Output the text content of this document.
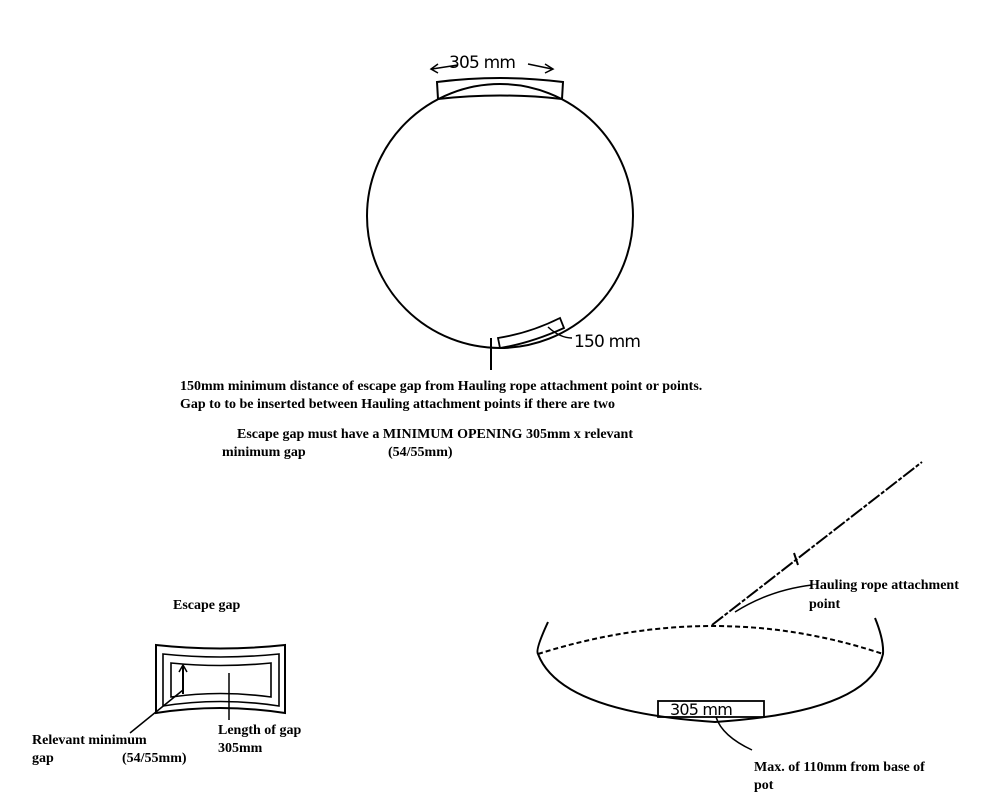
305 mm
150 mm
305 mm
150mm minimum distance of escape gap from Hauling rope attachment point or points.
Gap to to be inserted between Hauling attachment points if there are two
Escape gap must have a MINIMUM OPENING 305mm x relevant
minimum gap	(54/55mm)
Escape gap
Relevant minimum
gap	(54/55mm)
Length of gap
305mm
Hauling rope attachment
point
Max. of 110mm from base of
pot
